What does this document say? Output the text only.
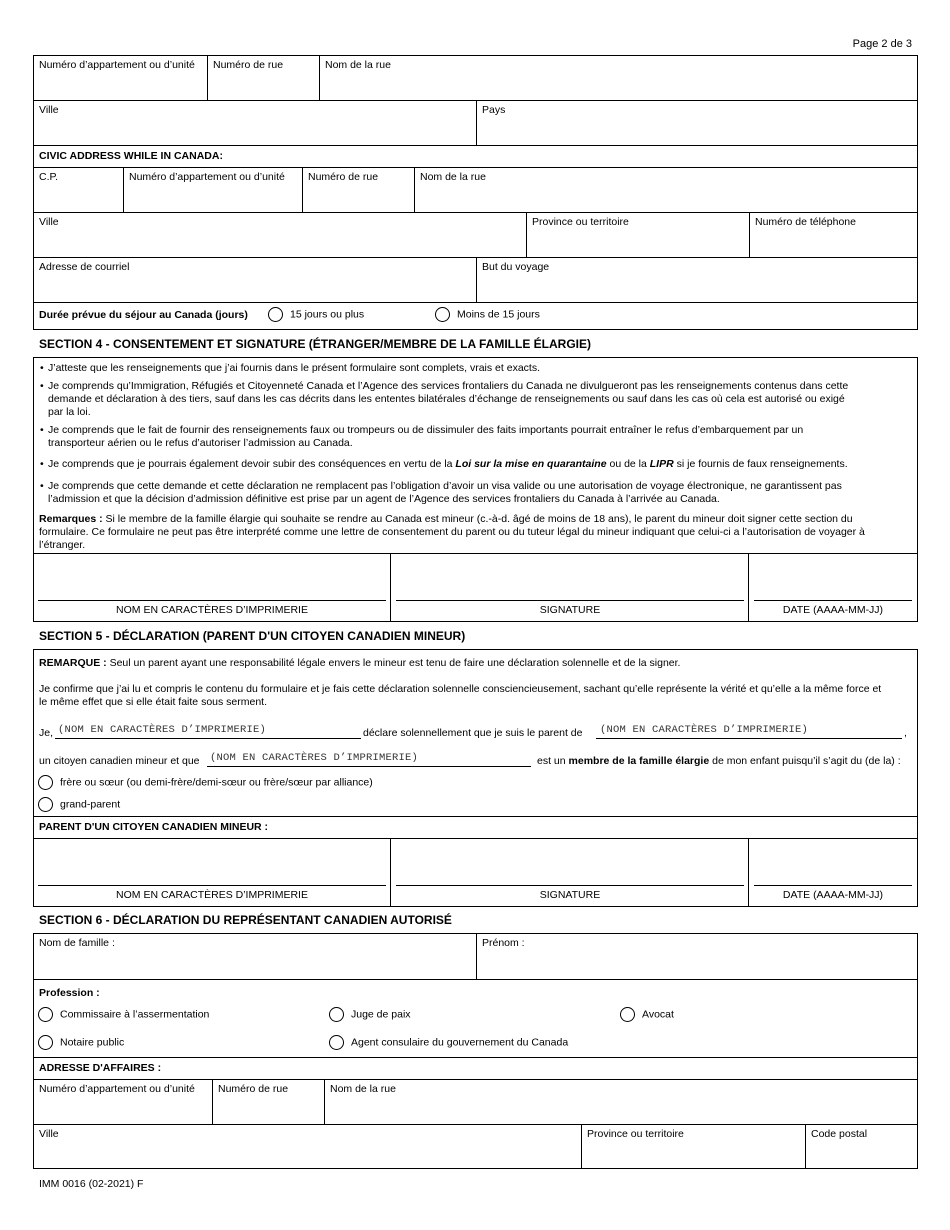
Page 2 de 3
Numéro d’appartement ou d’unité	Numéro de rue	Nom de la rue
Ville	Pays
CIVIC ADDRESS WHILE IN CANADA:
C.P.	Numéro d’appartement ou d’unité	Numéro de rue	Nom de la rue
Ville	Province ou territoire	Numéro de téléphone
Adresse de courriel	But du voyage
Durée prévue du séjour au Canada (jours)	15 jours ou plus	Moins de 15 jours
SECTION 4 - CONSENTEMENT ET SIGNATURE (ÉTRANGER/MEMBRE DE LA FAMILLE ÉLARGIE)
• J’atteste que les renseignements que j’ai fournis dans le présent formulaire sont complets, vrais et exacts.
• Je comprends qu’Immigration, Réfugiés et Citoyenneté Canada et l’Agence des services frontaliers du Canada ne divulgueront pas les renseignements contenus dans cette
demande et déclaration à des tiers, sauf dans les cas décrits dans les ententes bilatérales d’échange de renseignements ou sauf dans les cas où cela est autorisé ou exigé
par la loi.
• Je comprends que le fait de fournir des renseignements faux ou trompeurs ou de dissimuler des faits importants pourrait entraîner le refus d’embarquement par un
transporteur aérien ou le refus d’autoriser l’admission au Canada.
• Je comprends que je pourrais également devoir subir des conséquences en vertu de la Loi sur la mise en quarantaine ou de la LIPR si je fournis de faux renseignements.
• Je comprends que cette demande et cette déclaration ne remplacent pas l’obligation d’avoir un visa valide ou une autorisation de voyage électronique, ne garantissent pas
l’admission et que la décision d’admission définitive est prise par un agent de l’Agence des services frontaliers du Canada à l’arrivée au Canada.
Remarques : Si le membre de la famille élargie qui souhaite se rendre au Canada est mineur (c.-à-d. âgé de moins de 18 ans), le parent du mineur doit signer cette section du
formulaire. Ce formulaire ne peut pas être interprété comme une lettre de consentement du parent ou du tuteur légal du mineur indiquant que celui-ci a l’autorisation de voyager à
l’étranger.
NOM EN CARACTÈRES D’IMPRIMERIE	SIGNATURE	DATE (AAAA-MM-JJ)
SECTION 5 - DÉCLARATION (PARENT D'UN CITOYEN CANADIEN MINEUR)
REMARQUE : Seul un parent ayant une responsabilité légale envers le mineur est tenu de faire une déclaration solennelle et de la signer.
Je confirme que j’ai lu et compris le contenu du formulaire et je fais cette déclaration solennelle consciencieusement, sachant qu’elle représente la vérité et qu’elle a la même force et
le même effet que si elle était faite sous serment.
Je, (NOM EN CARACTÈRES D’IMPRIMERIE)	déclare solennellement que je suis le parent de (NOM EN CARACTÈRES D’IMPRIMERIE)	,
un citoyen canadien mineur et que (NOM EN CARACTÈRES D’IMPRIMERIE)	est un membre de la famille élargie de mon enfant puisqu’il s’agit du (de la) :
frère ou sœur (ou demi-frère/demi-sœur ou frère/sœur par alliance)
grand-parent
PARENT D'UN CITOYEN CANADIEN MINEUR :
NOM EN CARACTÈRES D’IMPRIMERIE	SIGNATURE	DATE (AAAA-MM-JJ)
SECTION 6 - DÉCLARATION DU REPRÉSENTANT CANADIEN AUTORISÉ
Nom de famille :	Prénom :
Profession :
Commissaire à l’assermentation	Juge de paix	Avocat
Notaire public	Agent consulaire du gouvernement du Canada
ADRESSE D'AFFAIRES :
Numéro d’appartement ou d’unité	Numéro de rue	Nom de la rue
Ville	Province ou territoire	Code postal
IMM 0016 (02-2021) F
